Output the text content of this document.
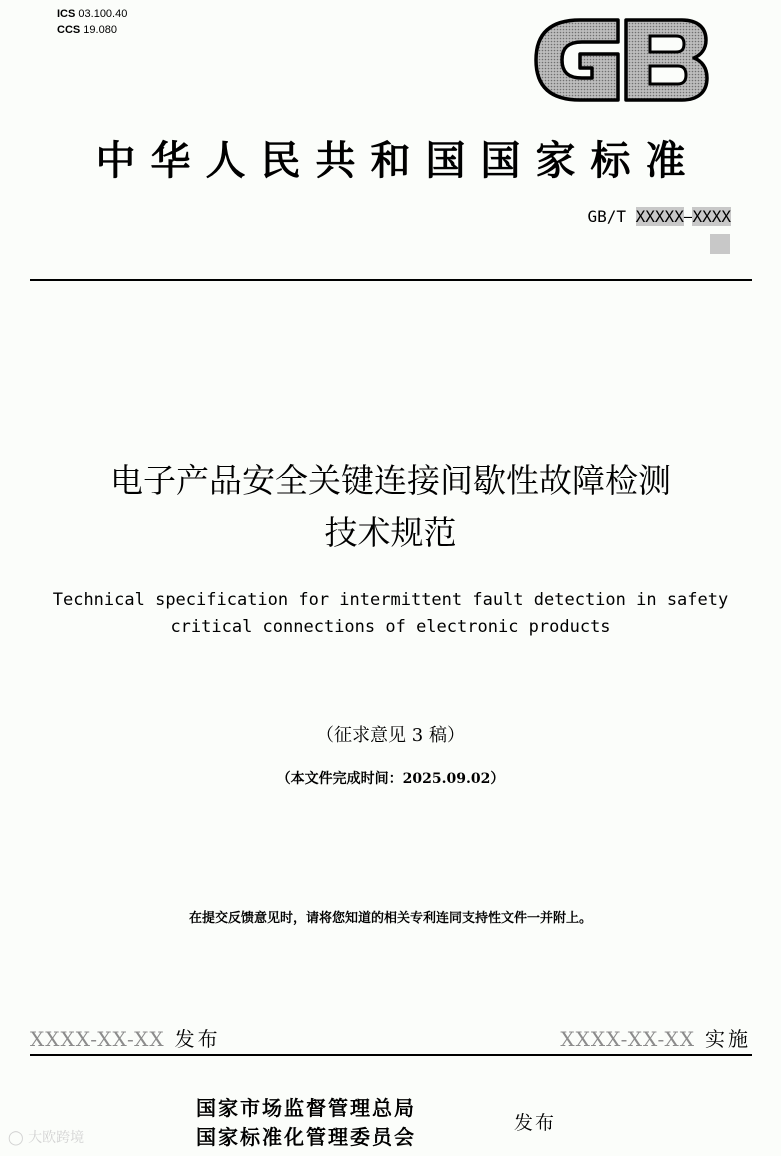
ICS 03.100.40
CCS 19.080
GB
中华人民共和国国家标准
GB/T XXXXX—XXXX
电子产品安全关键连接间歇性故障检测
技术规范
Technical specification for intermittent fault detection in safety
critical connections of electronic products
（征求意见 3 稿）
（本文件完成时间：2025.09.02）
在提交反馈意见时，请将您知道的相关专利连同支持性文件一并附上。
XXXX-XX-XX 发布	XXXX-XX-XX 实施
国家市场监督管理总局
国家标准化管理委员会
发布
◯ 大欧跨境
